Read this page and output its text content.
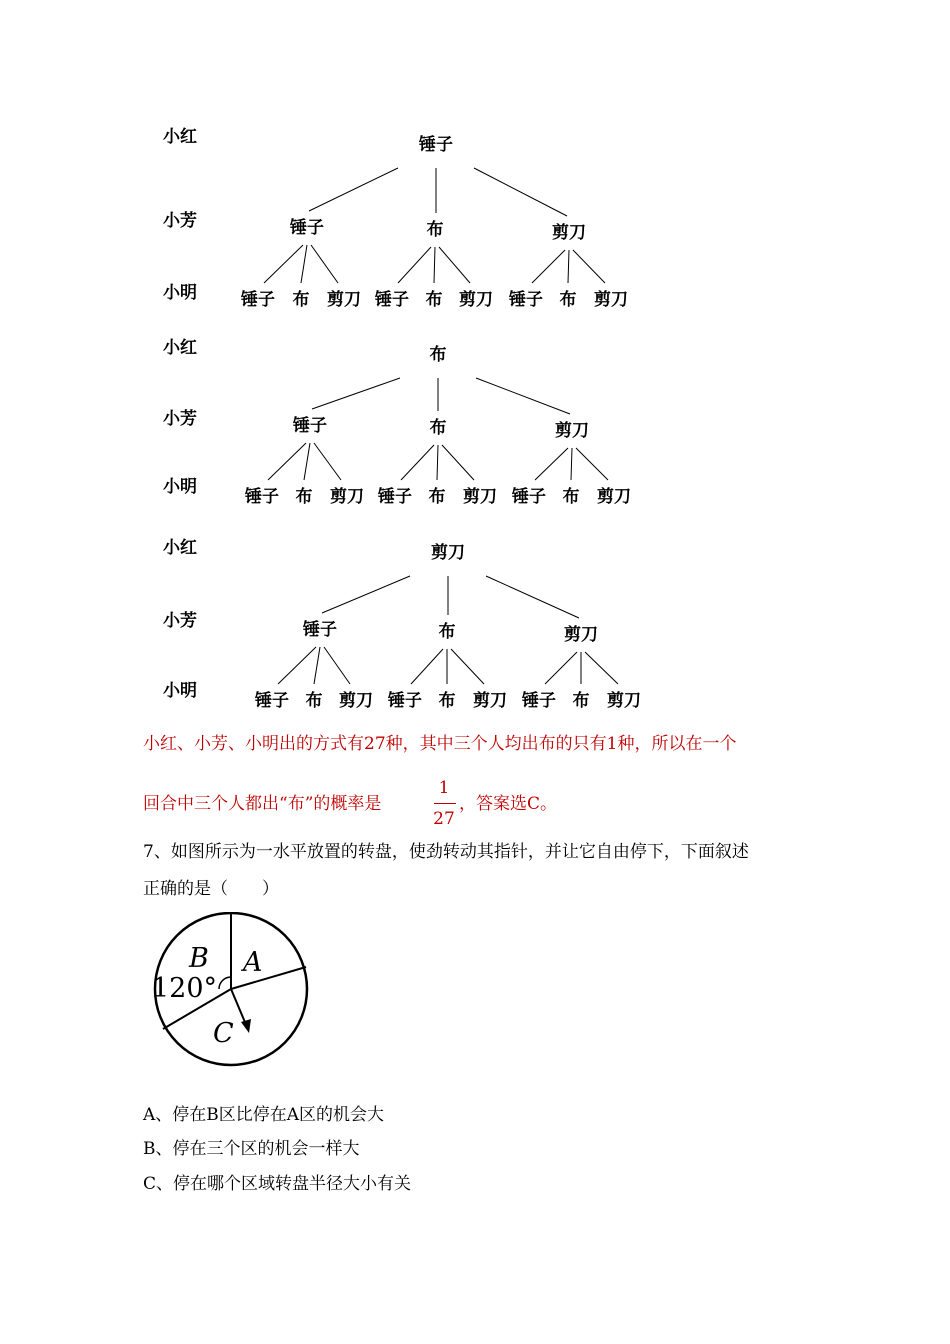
小红
小芳
小明
锤子
锤子
锤子 布 剪刀
布
锤子 布 剪刀
剪刀
锤子 布 剪刀
小红
小芳
小明
布
锤子
锤子 布 剪刀
布
锤子 布 剪刀
剪刀
锤子 布 剪刀
小红
小芳
小明
剪刀
锤子
锤子 布 剪刀
布
锤子 布 剪刀
剪刀
锤子 布 剪刀
小红、小芳、小明出的方式有27种，其中三个人均出布的只有1种，所以在一个
回合中三个人都出“布”的概率是
1
27
，答案选C。
7、如图所示为一水平放置的转盘，使劲转动其指针，并让它自由停下，下面叙述
正确的是（　　）
B A
120°
C
A、停在B区比停在A区的机会大
B、停在三个区的机会一样大
C、停在哪个区域转盘半径大小有关
